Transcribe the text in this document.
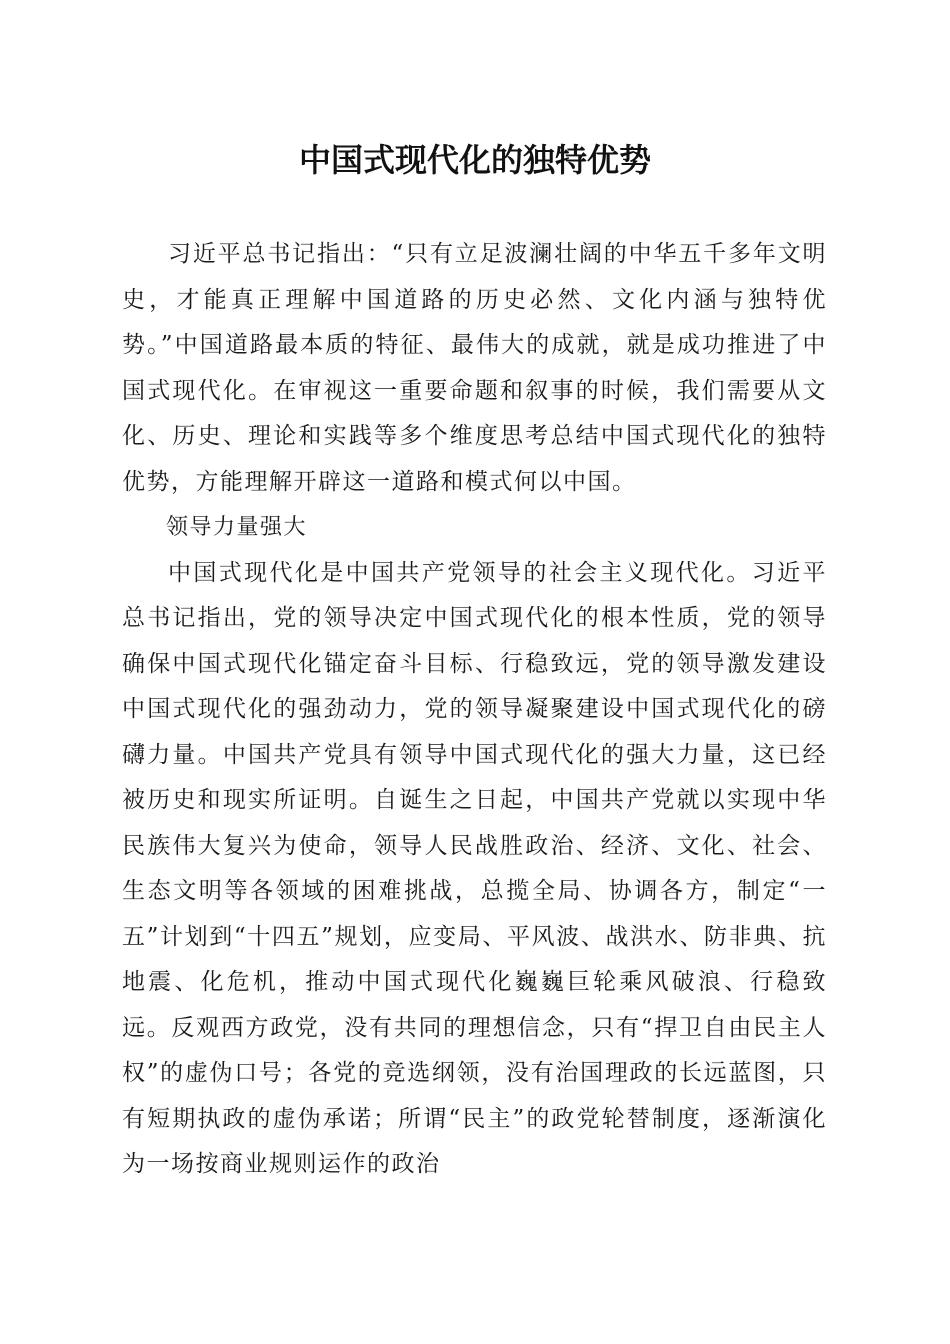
中国式现代化的独特优势

习近平总书记指出：“只有立足波澜壮阔的中华五千多年文明史，才能真正理解中国道路的历史必然、文化内涵与独特优势。”中国道路最本质的特征、最伟大的成就，就是成功推进了中国式现代化。在审视这一重要命题和叙事的时候，我们需要从文化、历史、理论和实践等多个维度思考总结中国式现代化的独特优势，方能理解开辟这一道路和模式何以中国。

领导力量强大

中国式现代化是中国共产党领导的社会主义现代化。习近平总书记指出，党的领导决定中国式现代化的根本性质，党的领导确保中国式现代化锚定奋斗目标、行稳致远，党的领导激发建设中国式现代化的强劲动力，党的领导凝聚建设中国式现代化的磅礴力量。中国共产党具有领导中国式现代化的强大力量，这已经被历史和现实所证明。自诞生之日起，中国共产党就以实现中华民族伟大复兴为使命，领导人民战胜政治、经济、文化、社会、生态文明等各领域的困难挑战，总揽全局、协调各方，制定“一五”计划到“十四五”规划，应变局、平风波、战洪水、防非典、抗地震、化危机，推动中国式现代化巍巍巨轮乘风破浪、行稳致远。反观西方政党，没有共同的理想信念，只有“捍卫自由民主人权”的虚伪口号；各党的竞选纲领，没有治国理政的长远蓝图，只有短期执政的虚伪承诺；所谓“民主”的政党轮替制度，逐渐演化为一场按商业规则运作的政治
